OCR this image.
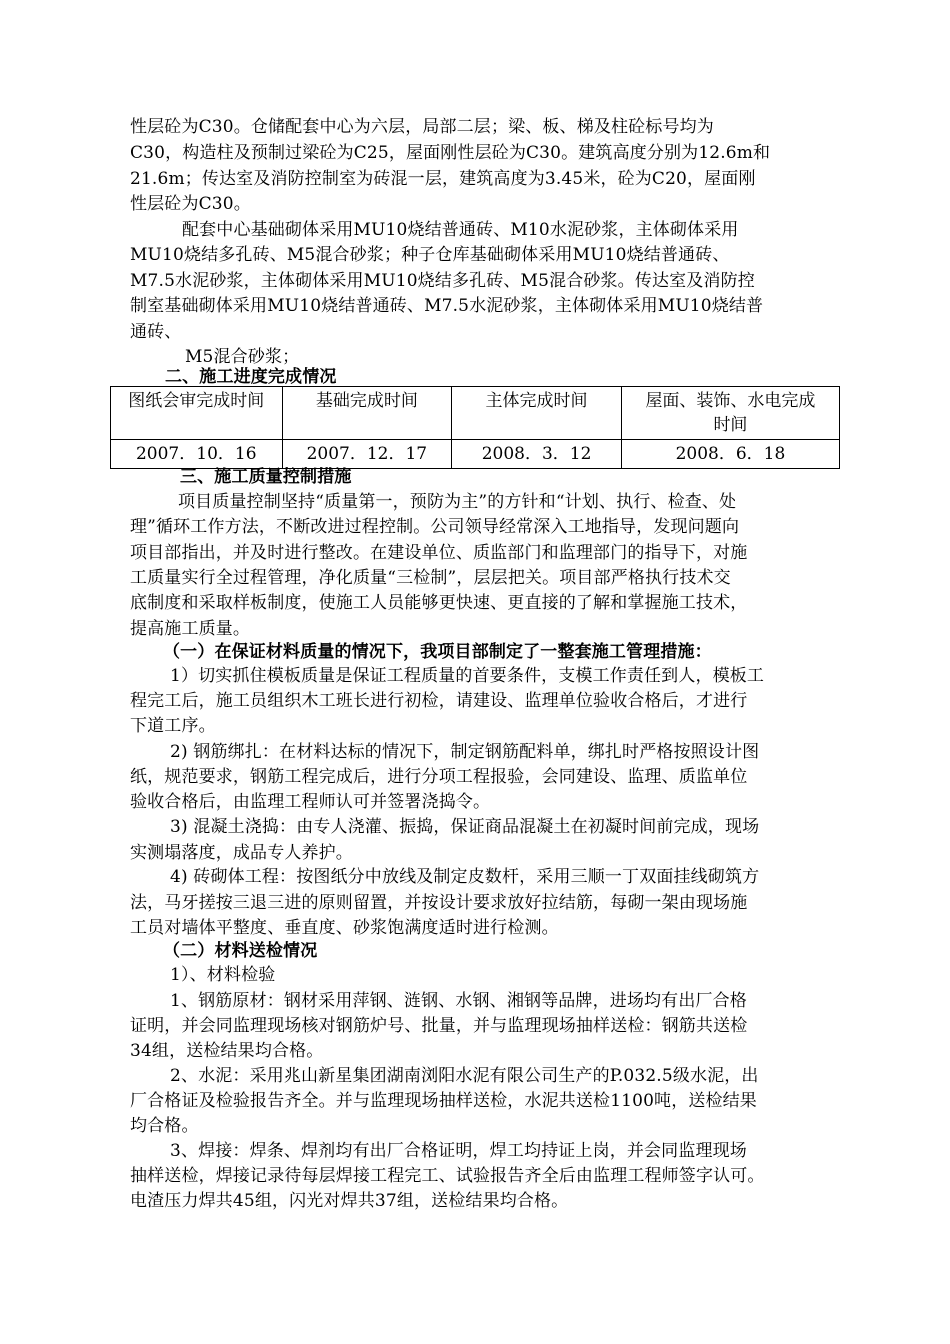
性层砼为C30。仓储配套中心为六层，局部二层；梁、板、梯及柱砼标号均为
C30，构造柱及预制过梁砼为C25，屋面刚性层砼为C30。建筑高度分别为12.6m和
21.6m；传达室及消防控制室为砖混一层，建筑高度为3.45米，砼为C20，屋面刚
性层砼为C30。
配套中心基础砌体采用MU10烧结普通砖、M10水泥砂浆，主体砌体采用
MU10烧结多孔砖、M5混合砂浆；种子仓库基础砌体采用MU10烧结普通砖、
M7.5水泥砂浆，主体砌体采用MU10烧结多孔砖、M5混合砂浆。传达室及消防控
制室基础砌体采用MU10烧结普通砖、M7.5水泥砂浆，主体砌体采用MU10烧结普
通砖、
M5混合砂浆；
二、施工进度完成情况
图纸会审完成时间	基础完成时间	主体完成时间	屋面、装饰、水电完成时间
2007．10．16	2007．12．17	2008．3．12	2008．6．18
三、施工质量控制措施
项目质量控制坚持“质量第一，预防为主”的方针和“计划、执行、检查、处
理”循环工作方法，不断改进过程控制。公司领导经常深入工地指导，发现问题向
项目部指出，并及时进行整改。在建设单位、质监部门和监理部门的指导下，对施
工质量实行全过程管理，净化质量“三检制”，层层把关。项目部严格执行技术交
底制度和采取样板制度，使施工人员能够更快速、更直接的了解和掌握施工技术，
提高施工质量。
（一）在保证材料质量的情况下，我项目部制定了一整套施工管理措施：
1）切实抓住模板质量是保证工程质量的首要条件，支模工作责任到人，模板工
程完工后，施工员组织木工班长进行初检，请建设、监理单位验收合格后，才进行
下道工序。
2) 钢筋绑扎：在材料达标的情况下，制定钢筋配料单，绑扎时严格按照设计图
纸，规范要求，钢筋工程完成后，进行分项工程报验，会同建设、监理、质监单位
验收合格后，由监理工程师认可并签署浇捣令。
3) 混凝土浇捣：由专人浇灌、振捣，保证商品混凝土在初凝时间前完成，现场
实测塌落度，成品专人养护。
4) 砖砌体工程：按图纸分中放线及制定皮数杆，采用三顺一丁双面挂线砌筑方
法，马牙搓按三退三进的原则留置，并按设计要求放好拉结筋，每砌一架由现场施
工员对墙体平整度、垂直度、砂浆饱满度适时进行检测。
（二）材料送检情况
1）、材料检验
1、钢筋原材：钢材采用萍钢、涟钢、水钢、湘钢等品牌，进场均有出厂合格
证明，并会同监理现场核对钢筋炉号、批量，并与监理现场抽样送检：钢筋共送检
34组，送检结果均合格。
2、水泥：采用兆山新星集团湖南浏阳水泥有限公司生产的P.032.5级水泥，出
厂合格证及检验报告齐全。并与监理现场抽样送检，水泥共送检1100吨，送检结果
均合格。
3、焊接：焊条、焊剂均有出厂合格证明，焊工均持证上岗，并会同监理现场
抽样送检，焊接记录待每层焊接工程完工、试验报告齐全后由监理工程师签字认可。
电渣压力焊共45组，闪光对焊共37组，送检结果均合格。
